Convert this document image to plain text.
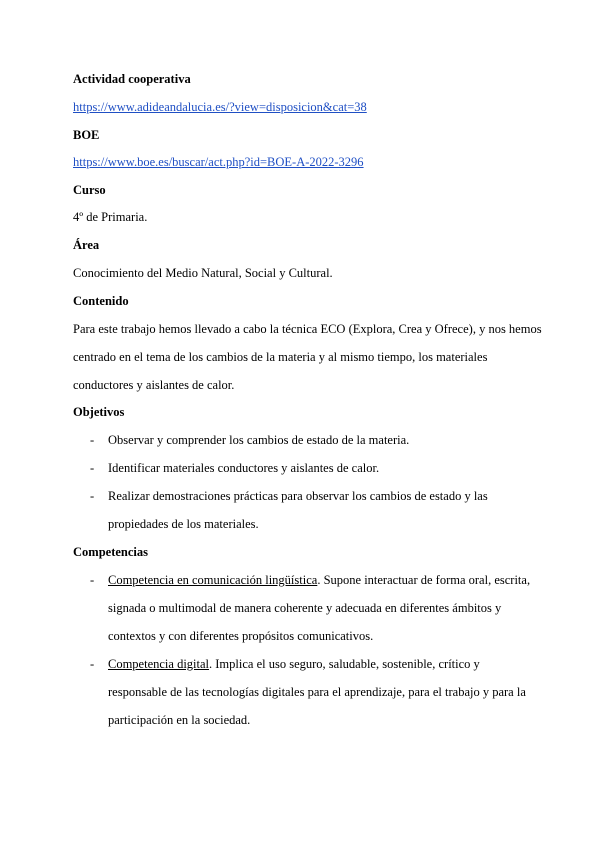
Actividad cooperativa
https://www.adideandalucia.es/?view=disposicion&cat=38
BOE
https://www.boe.es/buscar/act.php?id=BOE-A-2022-3296
Curso
4º de Primaria.
Área
Conocimiento del Medio Natural, Social y Cultural.
Contenido
Para este trabajo hemos llevado a cabo la técnica ECO (Explora, Crea y Ofrece), y nos hemos
centrado en el tema de los cambios de la materia y al mismo tiempo, los materiales
conductores y aislantes de calor.
Objetivos
- Observar y comprender los cambios de estado de la materia.
- Identificar materiales conductores y aislantes de calor.
- Realizar demostraciones prácticas para observar los cambios de estado y las
propiedades de los materiales.
Competencias
- Competencia en comunicación lingüística. Supone interactuar de forma oral, escrita,
signada o multimodal de manera coherente y adecuada en diferentes ámbitos y
contextos y con diferentes propósitos comunicativos.
- Competencia digital. Implica el uso seguro, saludable, sostenible, crítico y
responsable de las tecnologías digitales para el aprendizaje, para el trabajo y para la
participación en la sociedad.
